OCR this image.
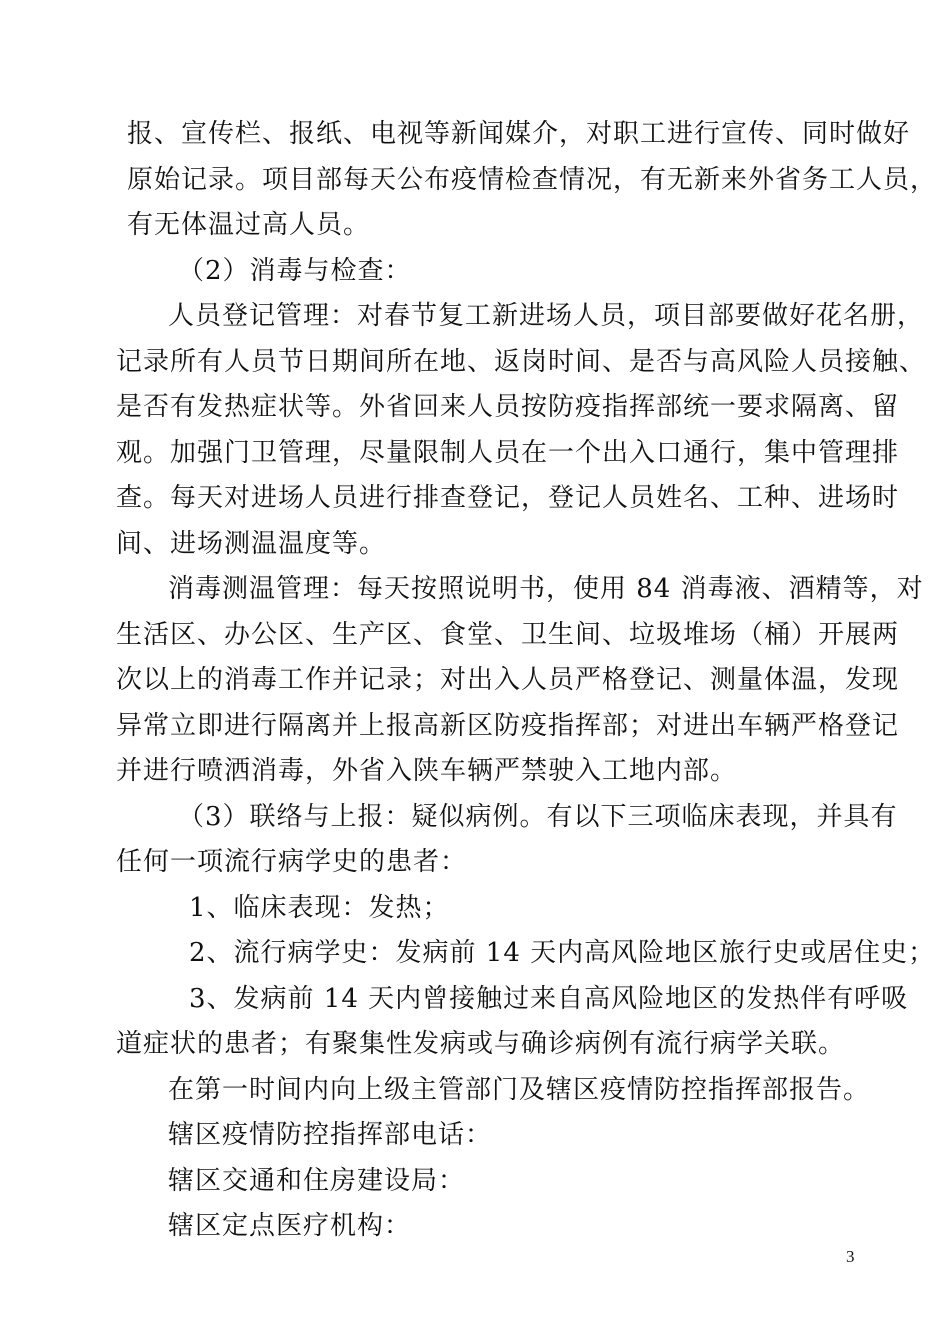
报、宣传栏、报纸、电视等新闻媒介，对职工进行宣传、同时做好
原始记录。项目部每天公布疫情检查情况，有无新来外省务工人员，
有无体温过高人员。
（2）消毒与检查：
人员登记管理：对春节复工新进场人员，项目部要做好花名册，
记录所有人员节日期间所在地、返岗时间、是否与高风险人员接触、
是否有发热症状等。外省回来人员按防疫指挥部统一要求隔离、留
观。加强门卫管理，尽量限制人员在一个出入口通行，集中管理排
查。每天对进场人员进行排查登记，登记人员姓名、工种、进场时
间、进场测温温度等。
消毒测温管理：每天按照说明书，使用 84 消毒液、酒精等，对
生活区、办公区、生产区、食堂、卫生间、垃圾堆场（桶）开展两
次以上的消毒工作并记录；对出入人员严格登记、测量体温，发现
异常立即进行隔离并上报高新区防疫指挥部；对进出车辆严格登记
并进行喷洒消毒，外省入陕车辆严禁驶入工地内部。
（3）联络与上报：疑似病例。有以下三项临床表现，并具有
任何一项流行病学史的患者：
1、临床表现：发热；
2、流行病学史：发病前 14 天内高风险地区旅行史或居住史；
3、发病前 14 天内曾接触过来自高风险地区的发热伴有呼吸
道症状的患者；有聚集性发病或与确诊病例有流行病学关联。
在第一时间内向上级主管部门及辖区疫情防控指挥部报告。
辖区疫情防控指挥部电话：
辖区交通和住房建设局：
辖区定点医疗机构：
3
